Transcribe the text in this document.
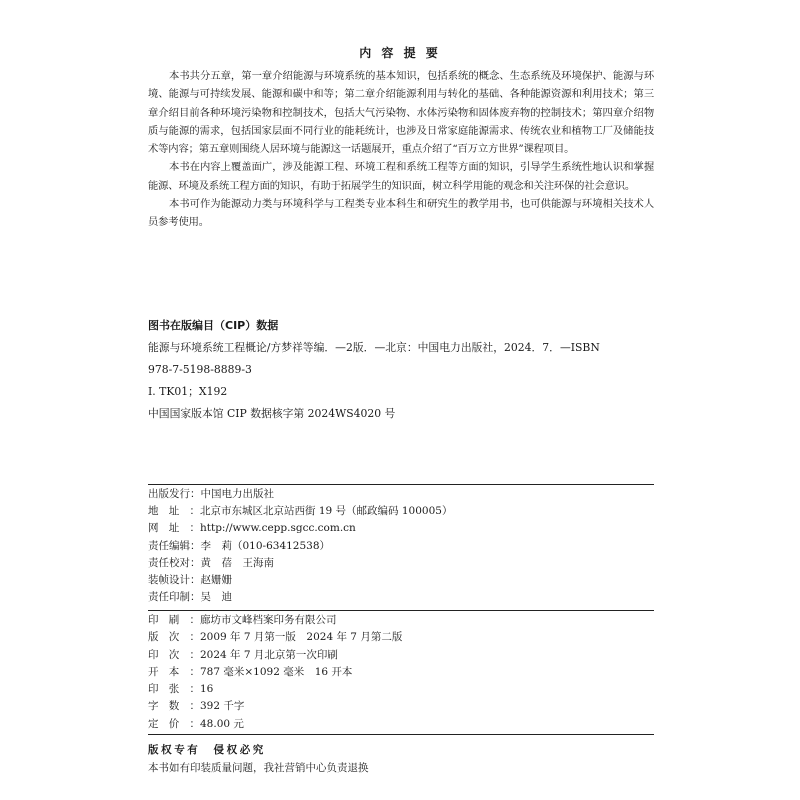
内 容 提 要

本书共分五章，第一章介绍能源与环境系统的基本知识，包括系统的概念、生态系统及环境保护、能源与环境、能源与可持续发展、能源和碳中和等；第二章介绍能源利用与转化的基础、各种能源资源和利用技术；第三章介绍目前各种环境污染物和控制技术，包括大气污染物、水体污染物和固体废弃物的控制技术；第四章介绍物质与能源的需求，包括国家层面不同行业的能耗统计，也涉及日常家庭能源需求、传统农业和植物工厂及储能技术等内容；第五章则围绕人居环境与能源这一话题展开，重点介绍了“百万立方世界”课程项目。

本书在内容上覆盖面广，涉及能源工程、环境工程和系统工程等方面的知识，引导学生系统性地认识和掌握能源、环境及系统工程方面的知识，有助于拓展学生的知识面，树立科学用能的观念和关注环保的社会意识。

本书可作为能源动力类与环境科学与工程类专业本科生和研究生的教学用书，也可供能源与环境相关技术人员参考使用。

图书在版编目（CIP）数据
能源与环境系统工程概论/方梦祥等编．—2版．—北京：中国电力出版社，2024．7．—ISBN
978-7-5198-8889-3
Ⅰ. TK01；X192
中国国家版本馆 CIP 数据核字第 2024WS4020 号
出版发行： 中国电力出版社
地 址 ： 北京市东城区北京站西街 19 号（邮政编码 100005）
网 址 ： http://www.cepp.sgcc.com.cn
责任编辑： 李　莉（010-63412538）
责任校对： 黄　蓓　王海南
装帧设计： 赵姗姗
责任印制： 吴　迪
印 刷 ： 廊坊市文峰档案印务有限公司
版 次 ： 2009 年 7 月第一版　2024 年 7 月第二版
印 次 ： 2024 年 7 月北京第一次印刷
开 本 ： 787 毫米×1092 毫米　16 开本
印 张 ： 16
字 数 ： 392 千字
定 价 ： 48.00 元
版权专有　侵权必究
本书如有印装质量问题，我社营销中心负责退换
